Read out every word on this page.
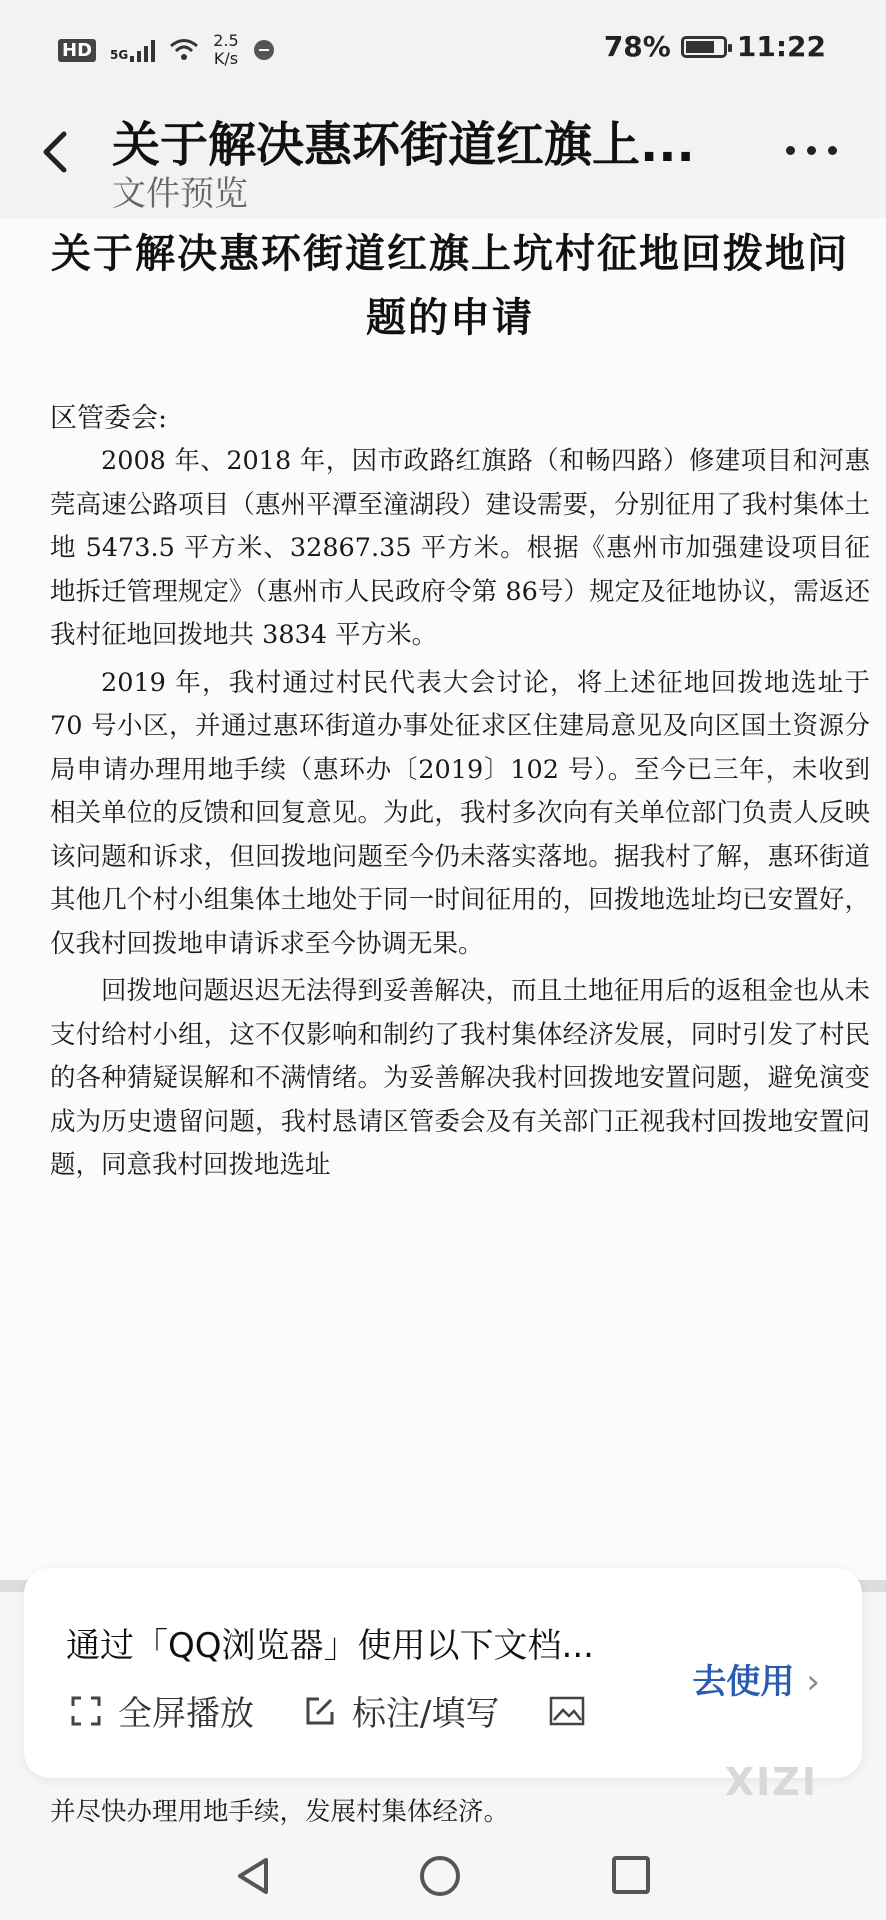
HD	5G
2.5
K/s	78% 11:22
关于解决惠环街道红旗上...
文件预览
关于解决惠环街道红旗上坑村征地回拨地问题的申请
区管委会:

2008 年、2018 年，因市政路红旗路（和畅四路）修建项目和河惠莞高速公路项目（惠州平潭至潼湖段）建设需要，分别征用了我村集体土地 5473.5 平方米、32867.35 平方米。根据《惠州市加强建设项目征地拆迁管理规定》（惠州市人民政府令第 86号）规定及征地协议，需返还我村征地回拨地共 3834 平方米。

2019 年，我村通过村民代表大会讨论，将上述征地回拨地选址于 70 号小区，并通过惠环街道办事处征求区住建局意见及向区国土资源分局申请办理用地手续（惠环办〔2019〕102 号）。至今已三年，未收到相关单位的反馈和回复意见。为此，我村多次向有关单位部门负责人反映该问题和诉求，但回拨地问题至今仍未落实落地。据我村了解，惠环街道其他几个村小组集体土地处于同一时间征用的，回拨地选址均已安置好，仅我村回拨地申请诉求至今协调无果。

回拨地问题迟迟无法得到妥善解决，而且土地征用后的返租金也从未支付给村小组，这不仅影响和制约了我村集体经济发展，同时引发了村民的各种猜疑误解和不满情绪。为妥善解决我村回拨地安置问题，避免演变成为历史遗留问题，我村恳请区管委会及有关部门正视我村回拨地安置问题，同意我村回拨地选址

通过「QQ浏览器」使用以下文档...
去使用 ›
全屏播放	标注/填写
XIZI
并尽快办理用地手续，发展村集体经济。
